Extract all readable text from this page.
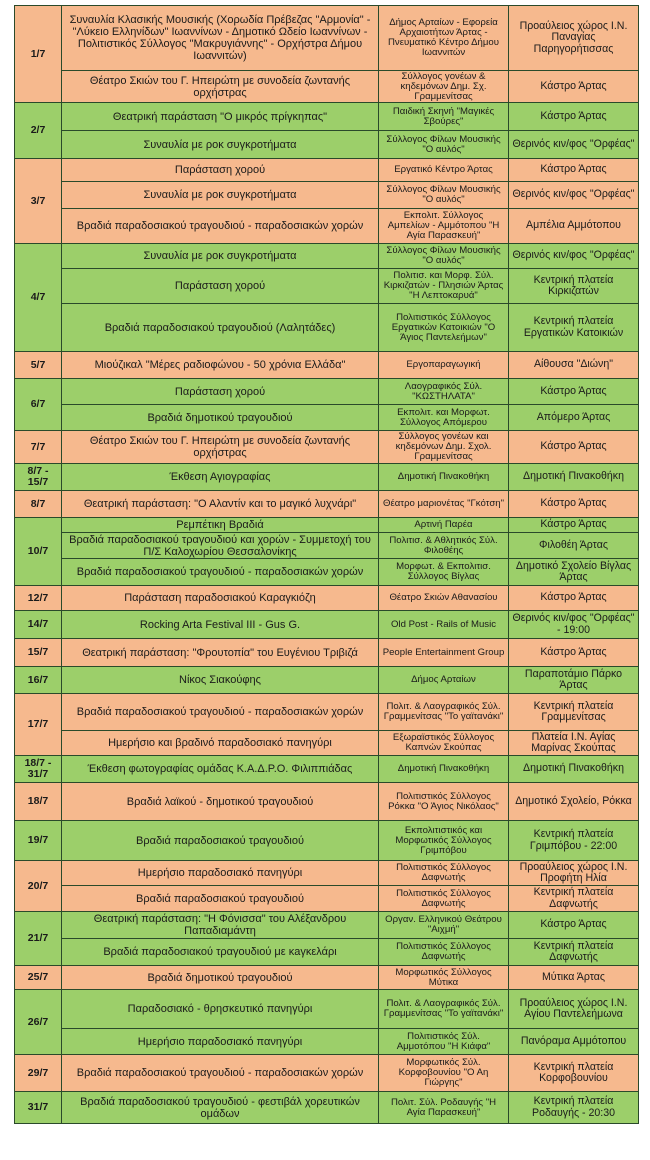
1/7	Συναυλία Κλασικής Μουσικής (Χορωδία Πρέβεζας "Αρμονία" - "Λύκειο Ελληνίδων" Ιωαννίνων - Δημοτικό Ωδείο Ιωαννίνων - Πολιτιστικός Σύλλογος "Μακρυγιάννης" - Ορχήστρα Δήμου Ιωαννιτών)	Δήμος Αρταίων - Εφορεία Αρχαιοτήτων Άρτας - Πνευματικό Κέντρο Δήμου Ιωαννιτών	Προαύλειος χώρος Ι.Ν. Παναγίας Παρηγορήτισσας
	Θέατρο Σκιών του Γ. Ηπειρώτη με συνοδεία ζωντανής ορχήστρας	Σύλλογος γονέων & κηδεμόνων Δημ. Σχ. Γραμμενίτσας	Κάστρο Άρτας
2/7	Θεατρική παράσταση "Ο μικρός πρίγκηπας"	Παιδική Σκηνή "Μαγικές Σβούρες"	Κάστρο Άρτας
	Συναυλία με ροκ συγκροτήματα	Σύλλογος Φίλων Μουσικής "Ο αυλός"	Θερινός κιν/φος "Ορφέας"
3/7	Παράσταση χορού	Εργατικό Κέντρο Άρτας	Κάστρο Άρτας
	Συναυλία με ροκ συγκροτήματα	Σύλλογος Φίλων Μουσικής "Ο αυλός"	Θερινός κιν/φος "Ορφέας"
	Βραδιά παραδοσιακού τραγουδιού - παραδοσιακών χορών	Εκπολιτ. Σύλλογος Αμπελίων - Αμμότοπου "Η Αγία Παρασκευή"	Αμπέλια Αμμότοπου
4/7	Συναυλία με ροκ συγκροτήματα	Σύλλογος Φίλων Μουσικής "Ο αυλός"	Θερινός κιν/φος "Ορφέας"
	Παράσταση χορού	Πολιτισ. και Μορφ. Σύλ. Κιρκιζατών - Πλησιών Άρτας "Η Λεπτοκαρυά"	Κεντρική πλατεία Κιρκιζατών
	Βραδιά παραδοσιακού τραγουδιού (Λαλητάδες)	Πολιτιστικός Σύλλογος Εργατικών Κατοικιών "Ο Άγιος Παντελεήμων"	Κεντρική πλατεία Εργατικών Κατοικιών
5/7	Μιούζικαλ "Μέρες ραδιοφώνου - 50 χρόνια Ελλάδα"	Εργοπαραγωγική	Αίθουσα "Διώνη"
6/7	Παράσταση χορού	Λαογραφικός Σύλ. "ΚΩΣΤΗΛΑΤΑ"	Κάστρο Άρτας
	Βραδιά δημοτικού τραγουδιού	Εκπολιτ. και Μορφωτ. Σύλλογος Απόμερου	Απόμερο Άρτας
7/7	Θέατρο Σκιών του Γ. Ηπειρώτη με συνοδεία ζωντανής ορχήστρας	Σύλλογος γονέων και κηδεμόνων Δημ. Σχολ. Γραμμενίτσας	Κάστρο Άρτας
8/7 - 15/7	Έκθεση Αγιογραφίας	Δημοτική Πινακοθήκη	Δημοτική Πινακοθήκη
8/7	Θεατρική παράσταση: "Ο Αλαντίν και το μαγικό λυχνάρι"	Θέατρο μαριονέτας "Γκότση"	Κάστρο Άρτας
10/7	Ρεμπέτικη Βραδιά	Αρτινή Παρέα	Κάστρο Άρτας
	Βραδιά παραδοσιακού τραγουδιού και χορών - Συμμετοχή του Π/Σ Καλοχωρίου Θεσσαλονίκης	Πολιτισ. & Αθλητικός Σύλ. Φιλοθέης	Φιλοθέη Άρτας
	Βραδιά παραδοσιακού τραγουδιού - παραδοσιακών χορών	Μορφωτ. & Εκπολιτισ. Σύλλογος Βίγλας	Δημοτικό Σχολείο Βίγλας Άρτας
12/7	Παράσταση παραδοσιακού Καραγκιόζη	Θέατρο Σκιών Αθανασίου	Κάστρο Άρτας
14/7	Rocking Arta Festival III - Gus G.	Old Post - Rails of Music	Θερινός κιν/φος "Ορφέας" - 19:00
15/7	Θεατρική παράσταση: "Φρουτοπία" του Ευγένιου Τριβιζά	People Entertainment Group	Κάστρο Άρτας
16/7	Νίκος Σιακούφης	Δήμος Αρταίων	Παραποτάμιο Πάρκο Άρτας
17/7	Βραδιά παραδοσιακού τραγουδιού - παραδοσιακών χορών	Πολιτ. & Λαογραφικός Σύλ. Γραμμενίτσας "Το γαϊτανάκι"	Κεντρική πλατεία Γραμμενίτσας
	Ημερήσιο και βραδινό παραδοσιακό πανηγύρι	Εξωραϊστικός Σύλλογος Καπνών Σκούπας	Πλατεία Ι.Ν. Αγίας Μαρίνας Σκούπας
18/7 - 31/7	Έκθεση φωτογραφίας ομάδας Κ.Α.Δ.Ρ.Ο. Φιλιππιάδας	Δημοτική Πινακοθήκη	Δημοτική Πινακοθήκη
18/7	Βραδιά λαϊκού - δημοτικού τραγουδιού	Πολιτιστικός Σύλλογος Ρόκκα "Ο Άγιος Νικόλαος"	Δημοτικό Σχολείο, Ρόκκα
19/7	Βραδιά παραδοσιακού τραγουδιού	Εκπολιτιστικός και Μορφωτικός Σύλλογος Γριμπόβου	Κεντρική πλατεία Γριμπόβου - 22:00
20/7	Ημερήσιο παραδοσιακό πανηγύρι	Πολιτιστικός Σύλλογος Δαφνωτής	Προαύλειος χώρος Ι.Ν. Προφήτη Ηλία
	Βραδιά παραδοσιακού τραγουδιού	Πολιτιστικός Σύλλογος Δαφνωτής	Κεντρική πλατεία Δαφνωτής
21/7	Θεατρική παράσταση: "Η Φόνισσα" του Αλέξανδρου Παπαδιαμάντη	Οργαν. Ελληνικού Θεάτρου "Αιχμή"	Κάστρο Άρτας
	Βραδιά παραδοσιακού τραγουδιού με κaγκελάρι	Πολιτιστικός Σύλλογος Δαφνωτής	Κεντρική πλατεία Δαφνωτής
25/7	Βραδιά δημοτικού τραγουδιού	Μορφωτικός Σύλλογος Μύτικα	Μύτικα Άρτας
26/7	Παραδοσιακό - θρησκευτικό πανηγύρι	Πολιτ. & Λαογραφικός Σύλ. Γραμμενίτσας "Το γαϊτανάκι"	Προαύλειος χώρος Ι.Ν. Αγίου Παντελεήμωνα
	Ημερήσιο παραδοσιακό πανηγύρι	Πολιτιστικός Σύλ. Αμμοτόπου "Η Κιάφα"	Πανόραμα Αμμότοπου
29/7	Βραδιά παραδοσιακού τραγουδιού - παραδοσιακών χορών	Μορφωτικός Σύλ. Κορφοβουνίου "Ο Αη Γιώργης"	Κεντρική πλατεία Κορφοβουνίου
31/7	Βραδιά παραδοσιακού τραγουδιού - φεστιβάλ χορευτικών ομάδων	Πολιτ. Σύλ. Ροδαυγής "Η Αγία Παρασκευή"	Κεντρική πλατεία Ροδαυγής - 20:30
